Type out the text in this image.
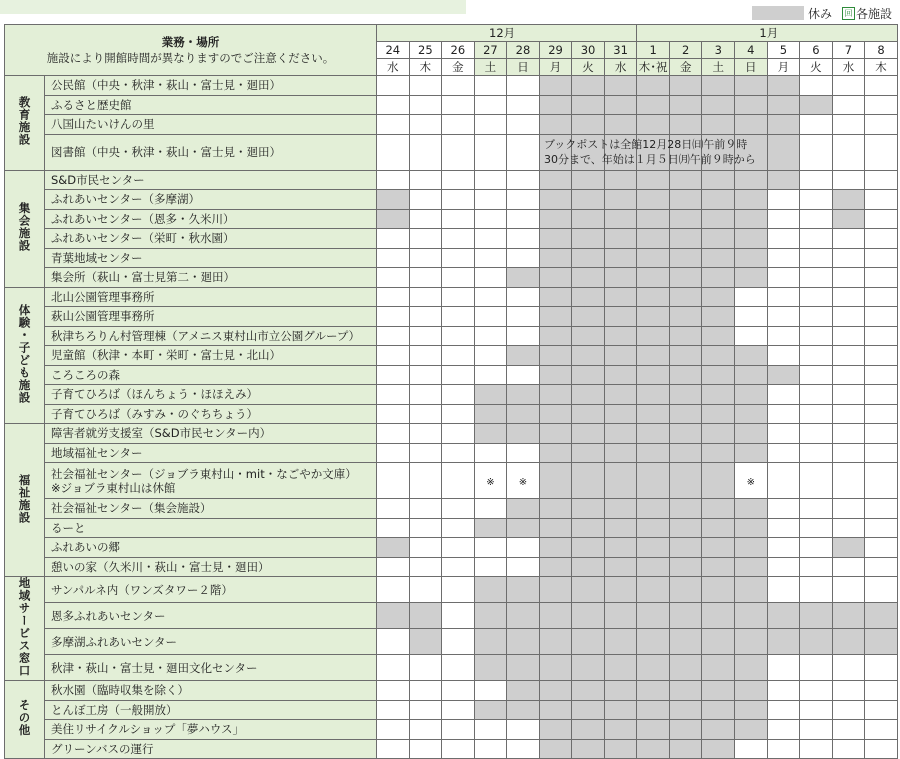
休み	回 各施設
業務・場所
施設により開館時間が異なりますのでご注意ください。		12月								1月							
		24	25	26	27	28	29	30	31	1	2	3	4	5	6	7	8
		水	木	金	土	日	月	火	水	木･祝	金	土	日	月	火	水	木
教育施設	公民館（中央・秋津・萩山・富士見・廻田）																

	ふるさと歴史館																

	八国山たいけんの里																

	図書館（中央・秋津・萩山・富士見・廻田）																

集会施設	S&D市民センター																

	ふれあいセンター（多摩湖）																

	ふれあいセンター（恩多・久米川）																

	ふれあいセンター（栄町・秋水園）																

	青葉地域センター																

	集会所（萩山・富士見第二・廻田）																

体験・子ども施設	北山公園管理事務所																

	萩山公園管理事務所																

	秋津ちろりん村管理棟（アメニス東村山市立公園グループ）																

	児童館（秋津・本町・栄町・富士見・北山）																

	ころころの森																

	子育てひろば（ほんちょう・ほほえみ）																

	子育てひろば（みすみ・のぐちちょう）																

福祉施設	障害者就労支援室（S&D市民センター内）																

	地域福祉センター																

	社会福祉センター（ジョブラ東村山・mit・なごやか文庫）
※ジョブラ東村山は休館				※	※							※				

	社会福祉センター（集会施設）																

	るーと																

	ふれあいの郷																

	憩いの家（久米川・萩山・富士見・廻田）																

地域サービス窓口	サンパルネ内（ワンズタワー２階）																

	恩多ふれあいセンター																

	多摩湖ふれあいセンター																

	秋津・萩山・富士見・廻田文化センター																

その他	秋水園（臨時収集を除く）																

	とんぼ工房（一般開放）																

	美住リサイクルショップ「夢ハウス」																

	グリーンバスの運行																

ブックポストは全館12月28日㈰午前９時
30分まで、年始は１月５日㈪午前９時から
